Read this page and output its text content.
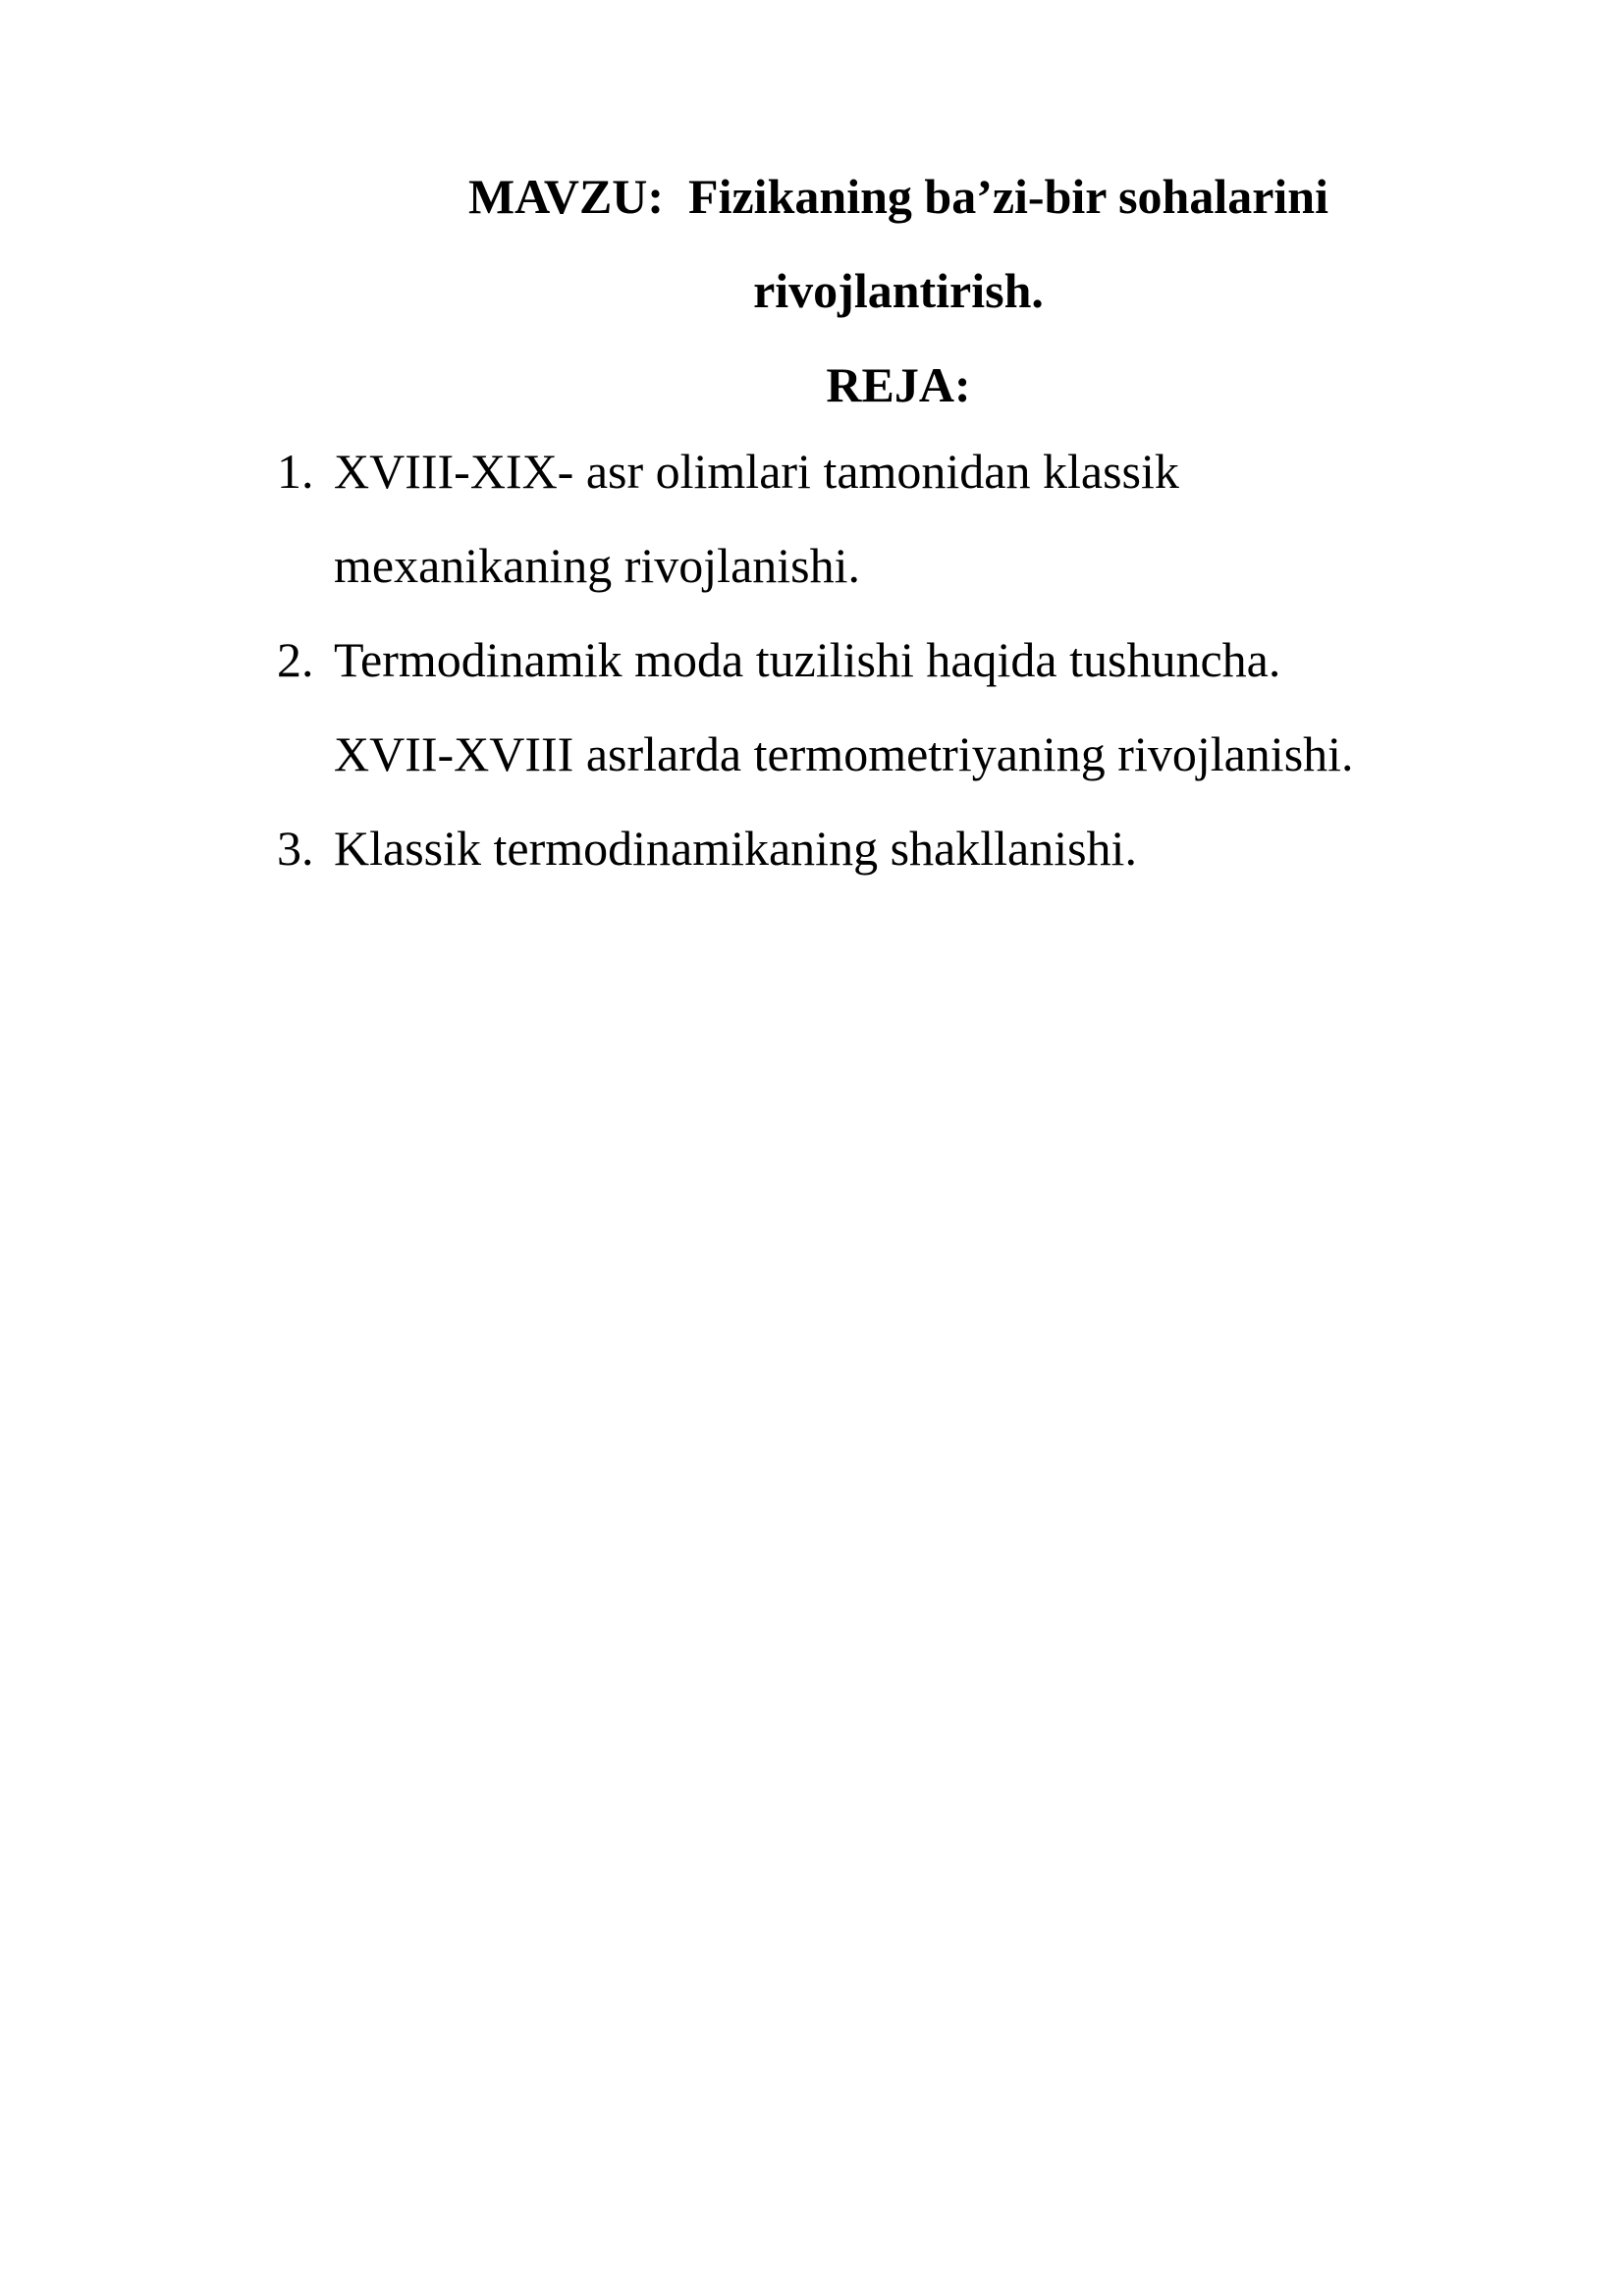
MAVZU:  Fizikaning ba’zi-bir sohalarini
rivojlantirish.
REJA:
1. XVIII-XIX- asr olimlari tamonidan klassik
mexanikaning rivojlanishi.
2. Termodinamik moda tuzilishi haqida tushuncha.
XVII-XVIII asrlarda termometriyaning rivojlanishi.
3. Klassik termodinamikaning shakllanishi.
